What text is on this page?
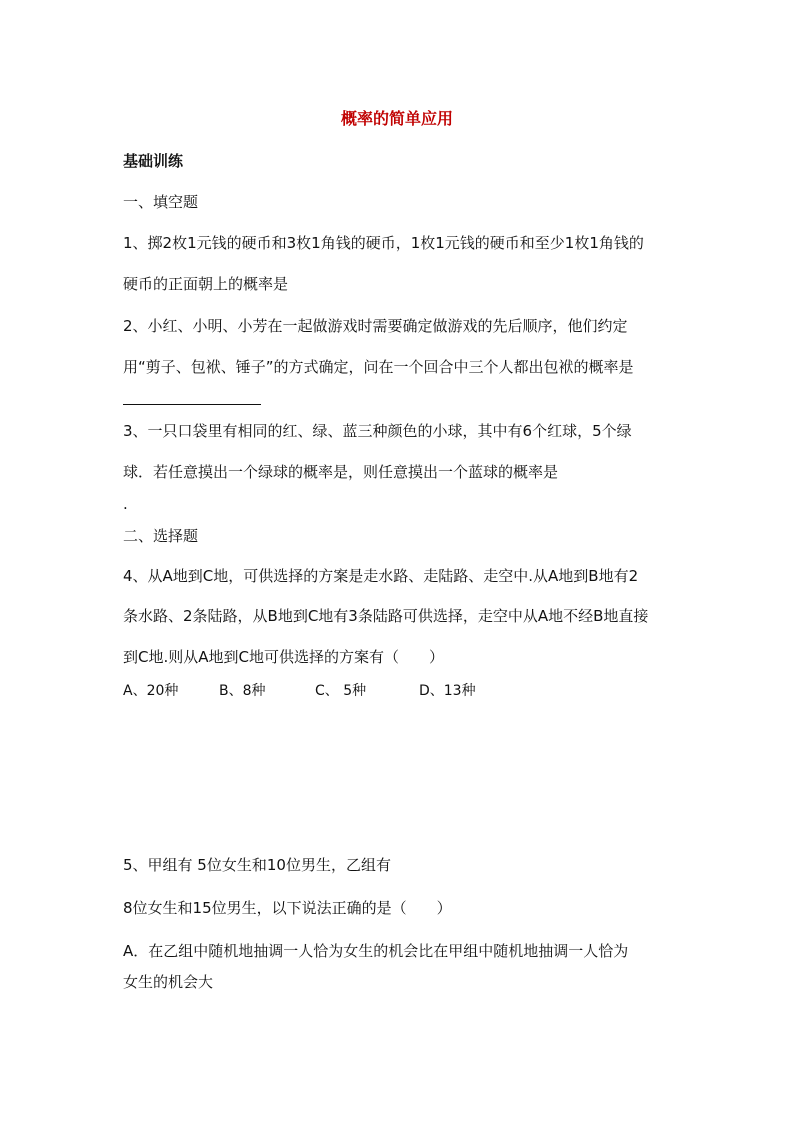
概率的简单应用
基础训练
一、填空题
1、掷2枚1元钱的硬币和3枚1角钱的硬币，1枚1元钱的硬币和至少1枚1角钱的
硬币的正面朝上的概率是
2、小红、小明、小芳在一起做游戏时需要确定做游戏的先后顺序，他们约定
用“剪子、包袱、锤子”的方式确定，问在一个回合中三个人都出包袱的概率是
3、一只口袋里有相同的红、绿、蓝三种颜色的小球，其中有6个红球，5个绿
球．若任意摸出一个绿球的概率是，则任意摸出一个蓝球的概率是
.
二、选择题
4、从A地到C地，可供选择的方案是走水路、走陆路、走空中.从A地到B地有2
条水路、2条陆路，从B地到C地有3条陆路可供选择，走空中从A地不经B地直接
到C地.则从A地到C地可供选择的方案有（　　）
A、20种	B、8种	C、 5种	D、13种
5、甲组有 5位女生和10位男生，乙组有
8位女生和15位男生，以下说法正确的是（　　）
A．在乙组中随机地抽调一人恰为女生的机会比在甲组中随机地抽调一人恰为
女生的机会大
